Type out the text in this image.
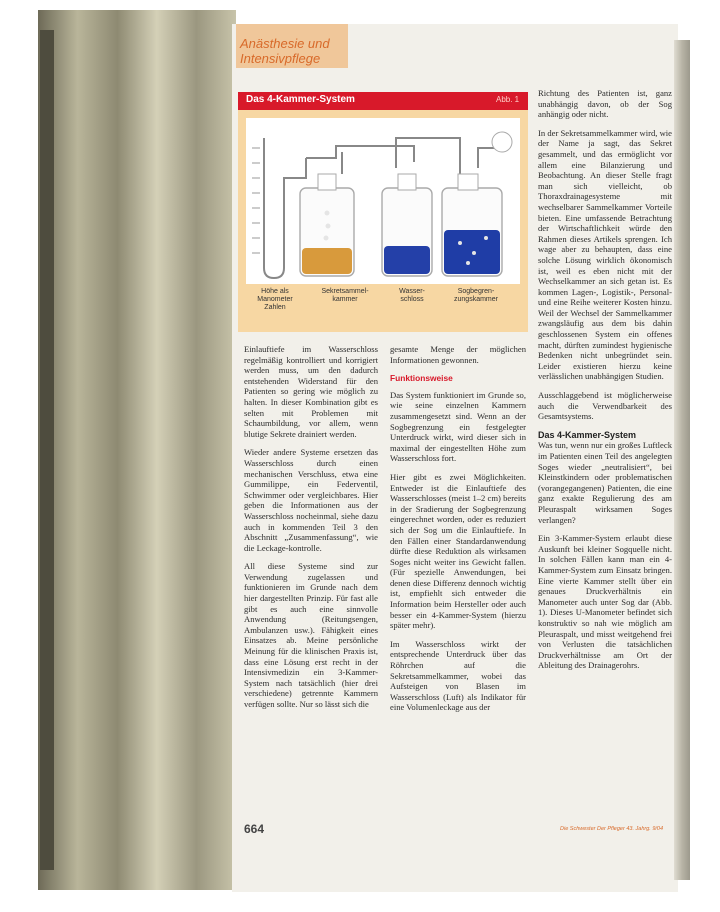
Anästhesie und
Intensivpflege
Das 4-Kammer-System	Abb. 1
Höhe als Manometer Zahlen
Sekretsammel-kammer
Wasser-schloss
Sogbegren-zungskammer

Einlauftiefe im Wasserschloss regelmäßig kontrolliert und korrigiert werden muss, um den dadurch entstehenden Widerstand für den Patienten so gering wie möglich zu halten. In dieser Kombination gibt es selten mit Problemen mit Schaumbildung, vor allem, wenn blutige Sekrete drainiert werden.

Wieder andere Systeme ersetzen das Wasserschloss durch einen mechanischen Verschluss, etwa eine Gummilippe, ein Federventil, Schwimmer oder vergleichbares. Hier geben die Informationen aus der Wasserschloss nocheinmal, siehe dazu auch in kommenden Teil 3 den Abschnitt „Zusammenfassung“, wie die Leckage-kontrolle.

All diese Systeme sind zur Verwendung zugelassen und funktionieren im Grunde nach dem hier dargestellten Prinzip. Für fast alle gibt es auch eine sinnvolle Anwendung (Reitungsengen, Ambulanzen usw.). Fähigkeit eines Einsatzes ab. Meine persönliche Meinung für die klinischen Praxis ist, dass eine Lösung erst recht in der Intensivmedizin ein 3-Kammer-System nach tatsächlich (hier drei verschiedene) getrennte Kammern verfügen sollte. Nur so lässt sich die

gesamte Menge der möglichen Informationen gewonnen.

Funktionsweise

Das System funktioniert im Grunde so, wie seine einzelnen Kammern zusammengesetzt sind. Wenn an der Sogbegrenzung ein festgelegter Unterdruck wirkt, wird dieser sich in maximal der eingestellten Höhe zum Wasserschloss fort.

Hier gibt es zwei Möglichkeiten. Entweder ist die Einlauftiefe des Wasserschlosses (meist 1–2 cm) bereits in der Sradierung der Sogbegrenzung eingerechnet worden, oder es reduziert sich der Sog um die Einlauftiefe. In den Fällen einer Standardanwendung dürfte diese Reduktion als wirksamen Soges nicht weiter ins Gewicht fallen. (Für spezielle Anwendungen, bei denen diese Differenz dennoch wichtig ist, empfiehlt sich entweder die Information beim Hersteller oder auch besser ein 4-Kammer-System (hierzu später mehr).

Im Wasserschloss wirkt der entsprechende Unterdruck über das Röhrchen auf die Sekretsammelkammer, wobei das Aufsteigen von Blasen im Wasserschloss (Luft) als Indikator für eine Volumenleckage aus der

Richtung des Patienten ist, ganz unabhängig davon, ob der Sog anhängig oder nicht.

In der Sekretsammelkammer wird, wie der Name ja sagt, das Sekret gesammelt, und das ermöglicht vor allem eine Bilanzierung und Beobachtung. An dieser Stelle fragt man sich vielleicht, ob Thoraxdrainagesysteme mit wechselbarer Sammelkammer Vorteile bieten. Eine umfassende Betrachtung der Wirtschaftlichkeit würde den Rahmen dieses Artikels sprengen. Ich wage aber zu behaupten, dass eine solche Lösung wirklich ökonomisch ist, weil es eben nicht mit der Wechselkammer an sich getan ist. Es kommen Lagen-, Logistik-, Personal- und eine Reihe weiterer Kosten hinzu. Weil der Wechsel der Sammelkammer zwangsläufig aus dem bis dahin geschlossenen System ein offenes macht, dürften zumindest hygienische Bedenken nicht unbegründet sein. Leider existieren hierzu keine verlässlichen unabhängigen Studien.

Ausschlaggebend ist möglicherweise auch die Verwendbarkeit des Gesamtsystems.

Das 4-Kammer-System

Was tun, wenn nur ein großes Luftleck im Patienten einen Teil des angelegten Soges wieder „neutralisiert“, bei Kleinstkindern oder problematischen (vorangegangenen) Patienten, die eine ganz exakte Regulierung des am Pleuraspalt wirksamen Soges verlangen?

Ein 3-Kammer-System erlaubt diese Auskunft bei kleiner Sogquelle nicht. In solchen Fällen kann man ein 4-Kammer-System zum Einsatz bringen. Eine vierte Kammer stellt über ein genaues Druckverhältnis ein Manometer auch unter Sog dar (Abb. 1). Dieses U-Manometer befindet sich konstruktiv so nah wie möglich am Pleuraspalt, und misst weitgehend frei von Verlusten die tatsächlichen Druckverhältnisse am Ort der Ableitung des Drainagerohrs.

664	Die Schwester Der Pfleger 43. Jahrg. 9/04
